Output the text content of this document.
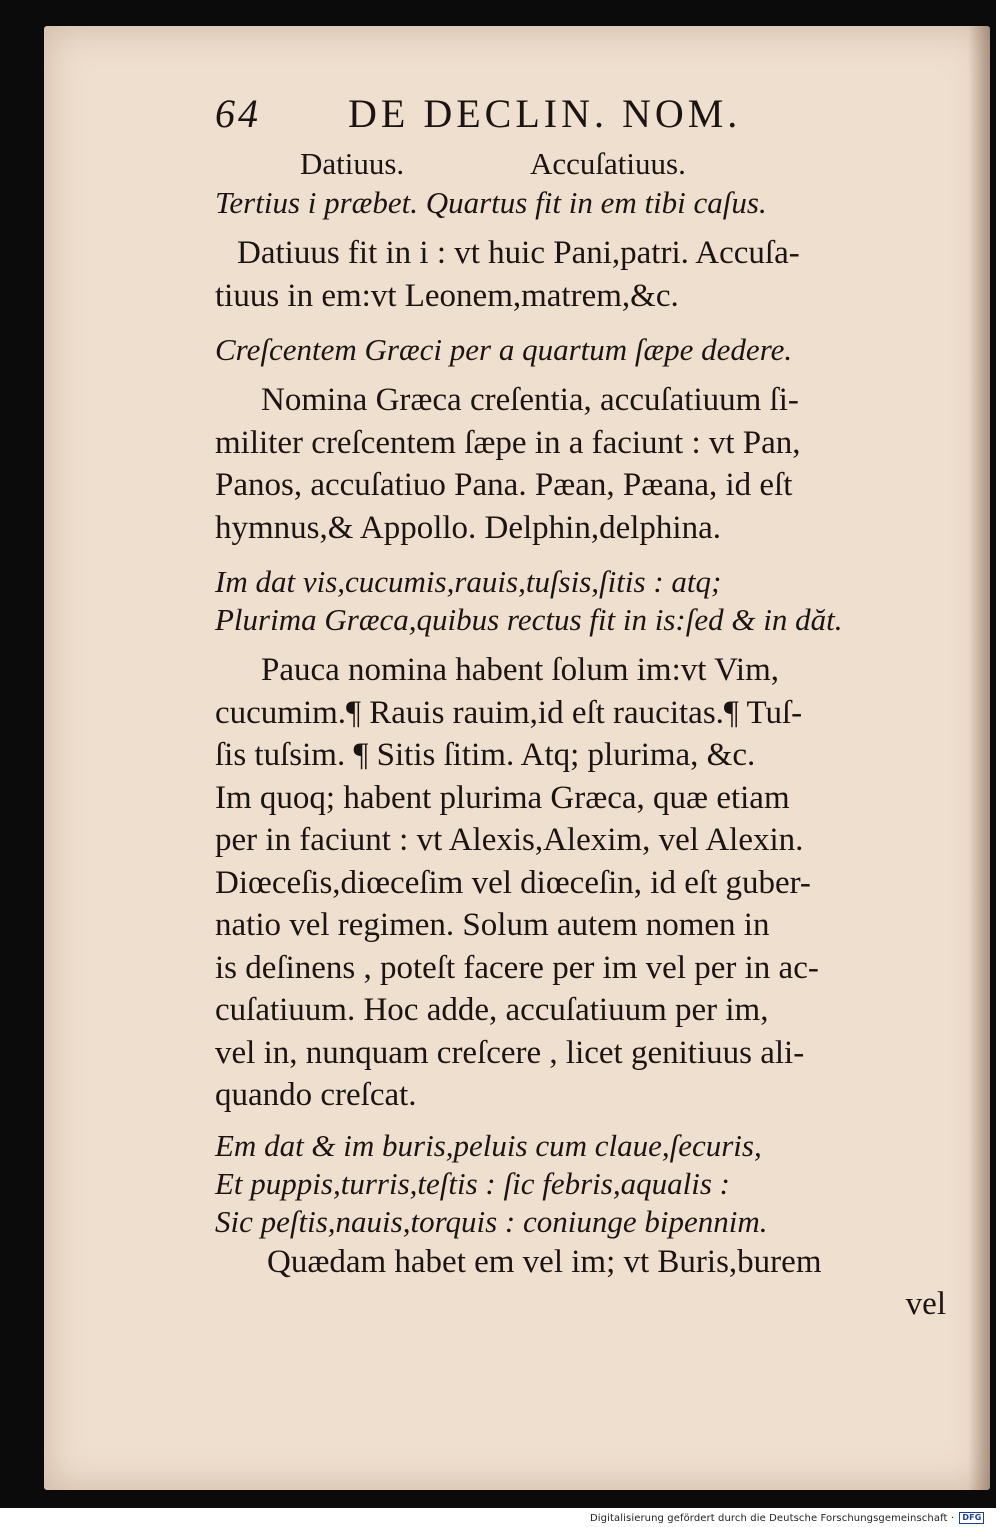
64 DE DECLIN. NOM.
Datiuus.	Accuſatiuus.
Tertius i præbet. Quartus fit in em tibi caſus.
Datiuus fit in i : vt huic Pani,patri. Accuſa-
tiuus in em:vt Leonem,matrem,&c.
Creſcentem Græci per a quartum ſæpe dedere.
Nomina Græca creſentia, accuſatiuum ſi-
militer creſcentem ſæpe in a faciunt : vt Pan,
Panos, accuſatiuo Pana. Pæan, Pæana, id eſt
hymnus,& Appollo. Delphin,delphina.
Im dat vis,cucumis,rauis,tuſsis,ſitis : atq;
Plurima Græca,quibus rectus fit in is:ſed & in dăt.
Pauca nomina habent ſolum im:vt Vim,
cucumim.¶ Rauis rauim,id eſt raucitas.¶ Tuſ-
ſis tuſsim. ¶ Sitis ſitim. Atq; plurima, &c.
Im quoq; habent plurima Græca, quæ etiam
per in faciunt : vt Alexis,Alexim, vel Alexin.
Diœceſis,diœceſim vel diœceſin, id eſt guber-
natio vel regimen. Solum autem nomen in
is deſinens , poteſt facere per im vel per in ac-
cuſatiuum. Hoc adde, accuſatiuum per im,
vel in, nunquam creſcere , licet genitiuus ali-
quando creſcat.
Em dat & im buris,peluis cum claue,ſecuris,
Et puppis,turris,teſtis : ſic febris,aqualis :
Sic peſtis,nauis,torquis : coniunge bipennim.
Quædam habet em vel im; vt Buris,burem
vel
Digitalisierung gefördert durch die Deutsche Forschungsgemeinschaft · DFG
